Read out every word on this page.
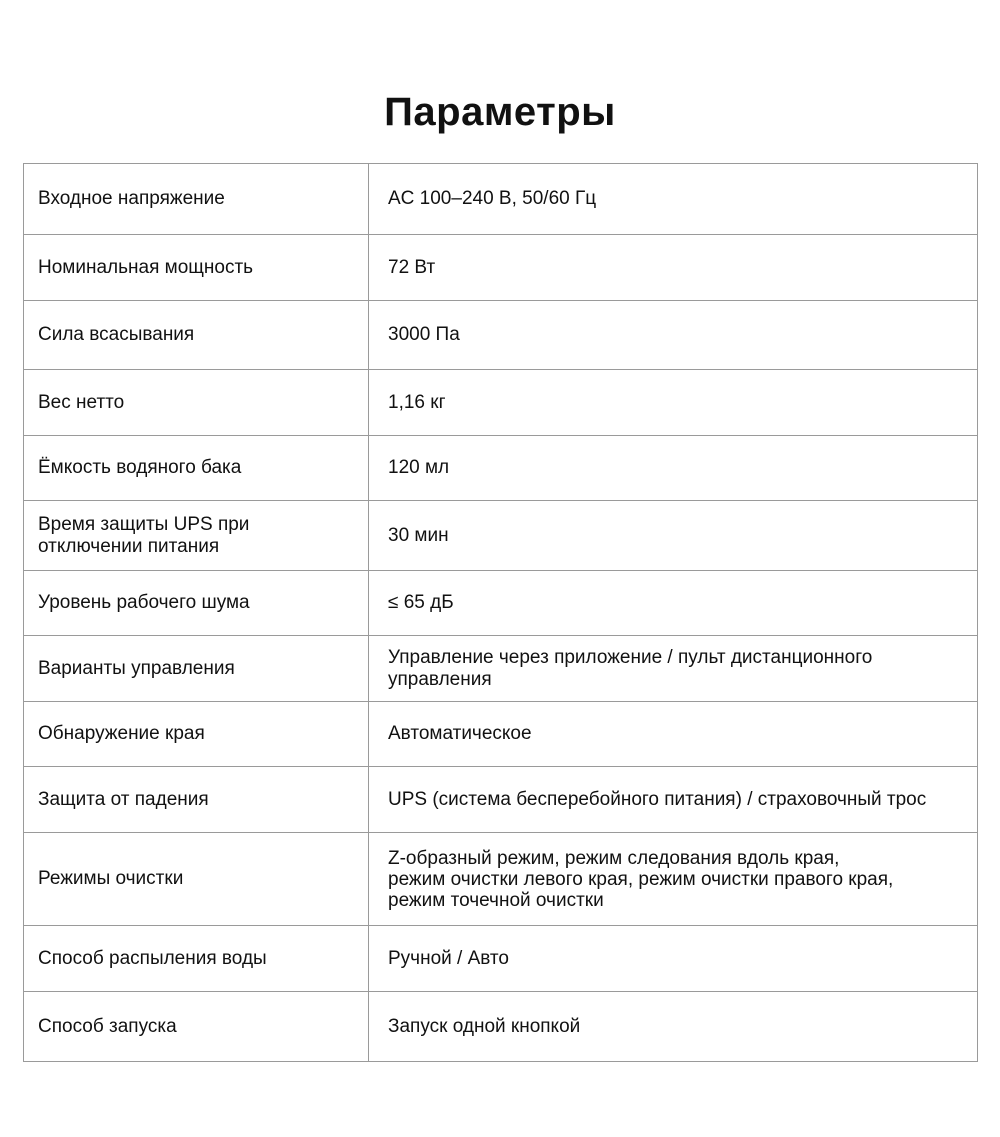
Параметры
Входное напряжение	AC 100–240 В, 50/60 Гц
Номинальная мощность	72 Вт
Сила всасывания	3000 Па
Вес нетто	1,16 кг
Ёмкость водяного бака	120 мл
Время защиты UPS при
отключении питания	30 мин
Уровень рабочего шума	≤ 65 дБ
Варианты управления	Управление через приложение / пульт дистанционного
управления
Обнаружение края	Автоматическое
Защита от падения	UPS (система бесперебойного питания) / страховочный трос
Режимы очистки	Z-образный режим, режим следования вдоль края,
режим очистки левого края, режим очистки правого края,
режим точечной очистки
Способ распыления воды	Ручной / Авто
Способ запуска	Запуск одной кнопкой
